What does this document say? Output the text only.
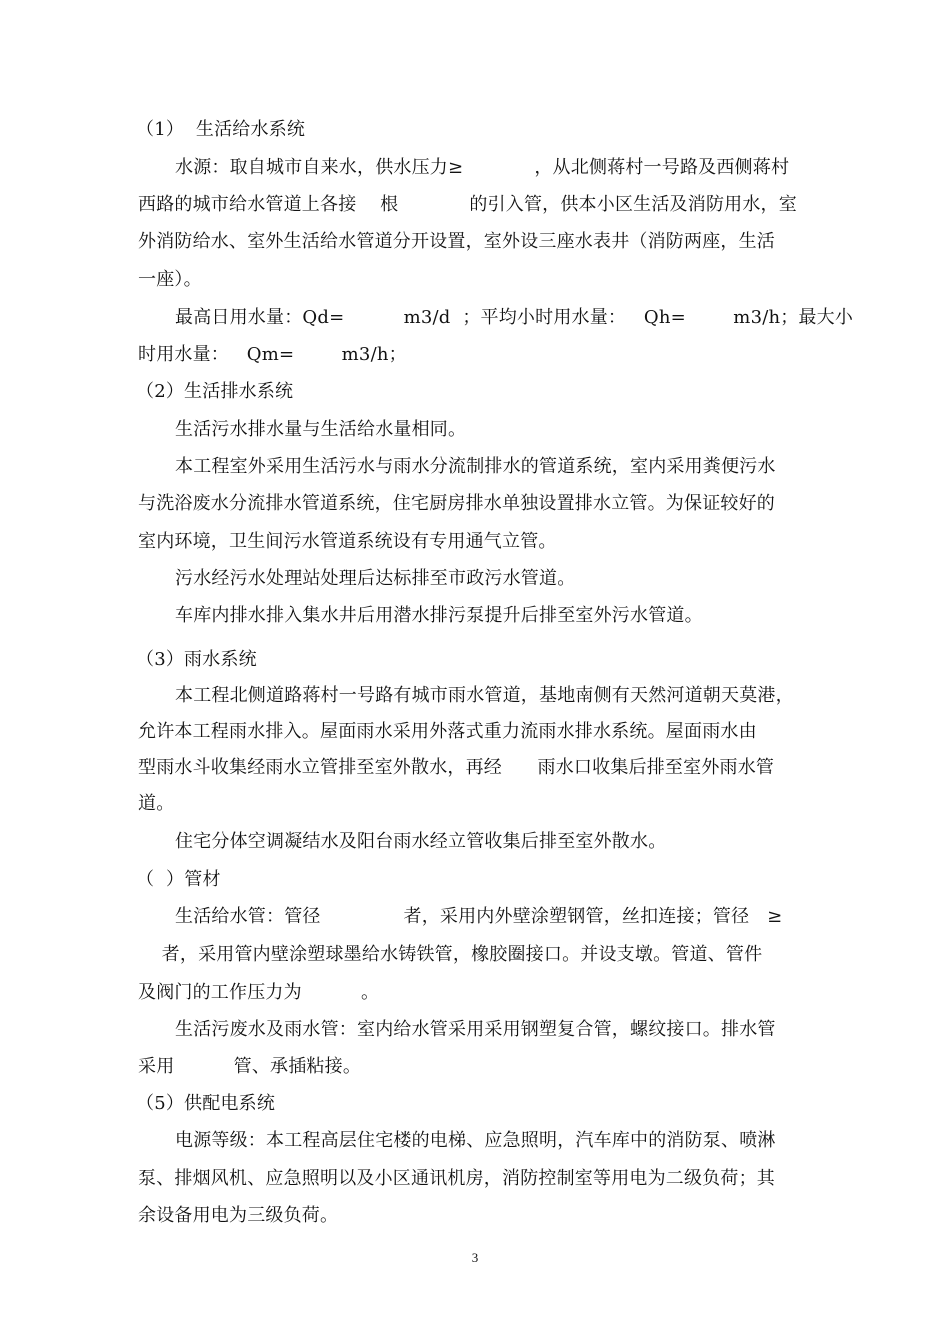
（1）  生活给水系统
水源：取自城市自来水，供水压力≥            ，从北侧蒋村一号路及西侧蒋村
西路的城市给水管道上各接    根            的引入管，供本小区生活及消防用水，室
外消防给水、室外生活给水管道分开设置，室外设三座水表井（消防两座，生活
一座）。
最高日用水量：Qd=          m3/d  ；平均小时用水量：   Qh=        m3/h；最大小
时用水量：   Qm=        m3/h；
（2）生活排水系统
生活污水排水量与生活给水量相同。
本工程室外采用生活污水与雨水分流制排水的管道系统，室内采用粪便污水
与洗浴废水分流排水管道系统，住宅厨房排水单独设置排水立管。为保证较好的
室内环境，卫生间污水管道系统设有专用通气立管。
污水经污水处理站处理后达标排至市政污水管道。
车库内排水排入集水井后用潜水排污泵提升后排至室外污水管道。
（3）雨水系统
本工程北侧道路蒋村一号路有城市雨水管道，基地南侧有天然河道朝天莫港，
允许本工程雨水排入。屋面雨水采用外落式重力流雨水排水系统。屋面雨水由
型雨水斗收集经雨水立管排至室外散水，再经      雨水口收集后排至室外雨水管
道。
住宅分体空调凝结水及阳台雨水经立管收集后排至室外散水。
（  ）管材
生活给水管：管径              者，采用内外壁涂塑钢管，丝扣连接；管径   ≥
者，采用管内壁涂塑球墨给水铸铁管，橡胶圈接口。并设支墩。管道、管件
及阀门的工作压力为          。
生活污废水及雨水管：室内给水管采用采用钢塑复合管，螺纹接口。排水管
采用          管、承插粘接。
（5）供配电系统
电源等级：本工程高层住宅楼的电梯、应急照明，汽车库中的消防泵、喷淋
泵、排烟风机、应急照明以及小区通讯机房，消防控制室等用电为二级负荷；其
余设备用电为三级负荷。
3
